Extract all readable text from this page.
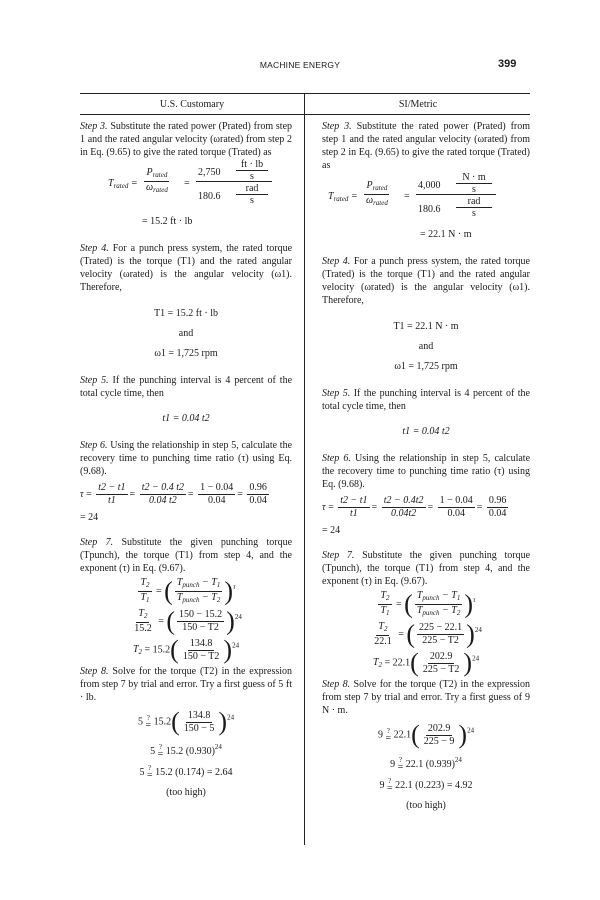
MACHINE ENERGY	399
U.S. Customary	SI/Metric

Step 3. Substitute the rated power (Prated) from step 1 and the rated angular velocity (ωrated) from step 2 in Eq. (9.65) to give the rated torque (Trated) as

$T_{rated}$ =
$P_{rated}$
$\omega_{rated}$
=
2,750
ft · lb
s
180.6
rad
s

= 15.2 ft · lb

Step 4. For a punch press system, the rated torque (Trated) is the torque (T1) and the rated angular velocity (ωrated) is the angular velocity (ω1). Therefore,

T1 = 15.2 ft · lb

and

ω1 = 1,725 rpm

Step 5. If the punching interval is 4 percent of the total cycle time, then

t1 = 0.04 t2

Step 6. Using the relationship in step 5, calculate the recovery time to punching time ratio (τ) using Eq. (9.68).

$\tau = \frac{t2 - t1}{t1} = \frac{t2 - 0.4 t2}{0.04 t2} = \frac{1 - 0.04}{0.04} = \frac{0.96}{0.04}$

= 24

Step 7. Substitute the given punching torque (Tpunch), the torque (T1) from step 4, and the exponent (τ) in Eq. (9.67).

$\frac{T_2}{T_1}$ = ( $\frac{T_{punch} - T_1}{T_{punch} - T_2} )^\tau$
$\frac{T_2}{15.2}$ = ( $\frac{150 - 15.2}{150 - T2} )^{24}$
$T_2 = 15.2( \frac{134.8}{150 - T2} )^{24}$

Step 8. Solve for the torque (T2) in the expression from step 7 by trial and error. Try a first guess of 5 ft · lb.

5 ?
= $15.2( \frac{134.8}{150 - 5} )^{24}$
5 ?
= 15.2 $(0.930)^{24}$
5 ?
= 15.2 (0.174) = 2.64

(too high)

Step 3. Substitute the rated power (Prated) from step 1 and the rated angular velocity (ωrated) from step 2 in Eq. (9.65) to give the rated torque (Trated) as

$T_{rated}$ =
$P_{rated}$
$\omega_{rated}$
=
4,000
N · m
s
180.6
rad
s

= 22.1 N · m

Step 4. For a punch press system, the rated torque (Trated) is the torque (T1) and the rated angular velocity (ωrated) is the angular velocity (ω1). Therefore,

T1 = 22.1 N · m

and

ω1 = 1,725 rpm

Step 5. If the punching interval is 4 percent of the total cycle time, then

t1 = 0.04 t2

Step 6. Using the relationship in step 5, calculate the recovery time to punching time ratio (τ) using Eq. (9.68).

$\tau = \frac{t2 - t1}{t1} = \frac{t2 - 0.4t2}{0.04t2} = \frac{1 - 0.04}{0.04} = \frac{0.96}{0.04}$

= 24

Step 7. Substitute the given punching torque (Tpunch), the torque (T1) from step 4, and the exponent (τ) in Eq. (9.67).

$\frac{T_2}{T_1}$ = ( $\frac{T_{punch} - T_1}{T_{punch} - T_2} )^\tau$
$\frac{T_2}{22.1}$ = ( $\frac{225 - 22.1}{225 - T2} )^{24}$
$T_2 = 22.1( \frac{202.9}{225 - T2} )^{24}$

Step 8. Solve for the torque (T2) in the expression from step 7 by trial and error. Try a first guess of 9 N · m.

9 ?
= $22.1( \frac{202.9}{225 - 9} )^{24}$
9 ?
= 22.1 $(0.939)^{24}$
9 ?
= 22.1 (0.223) = 4.92

(too high)
